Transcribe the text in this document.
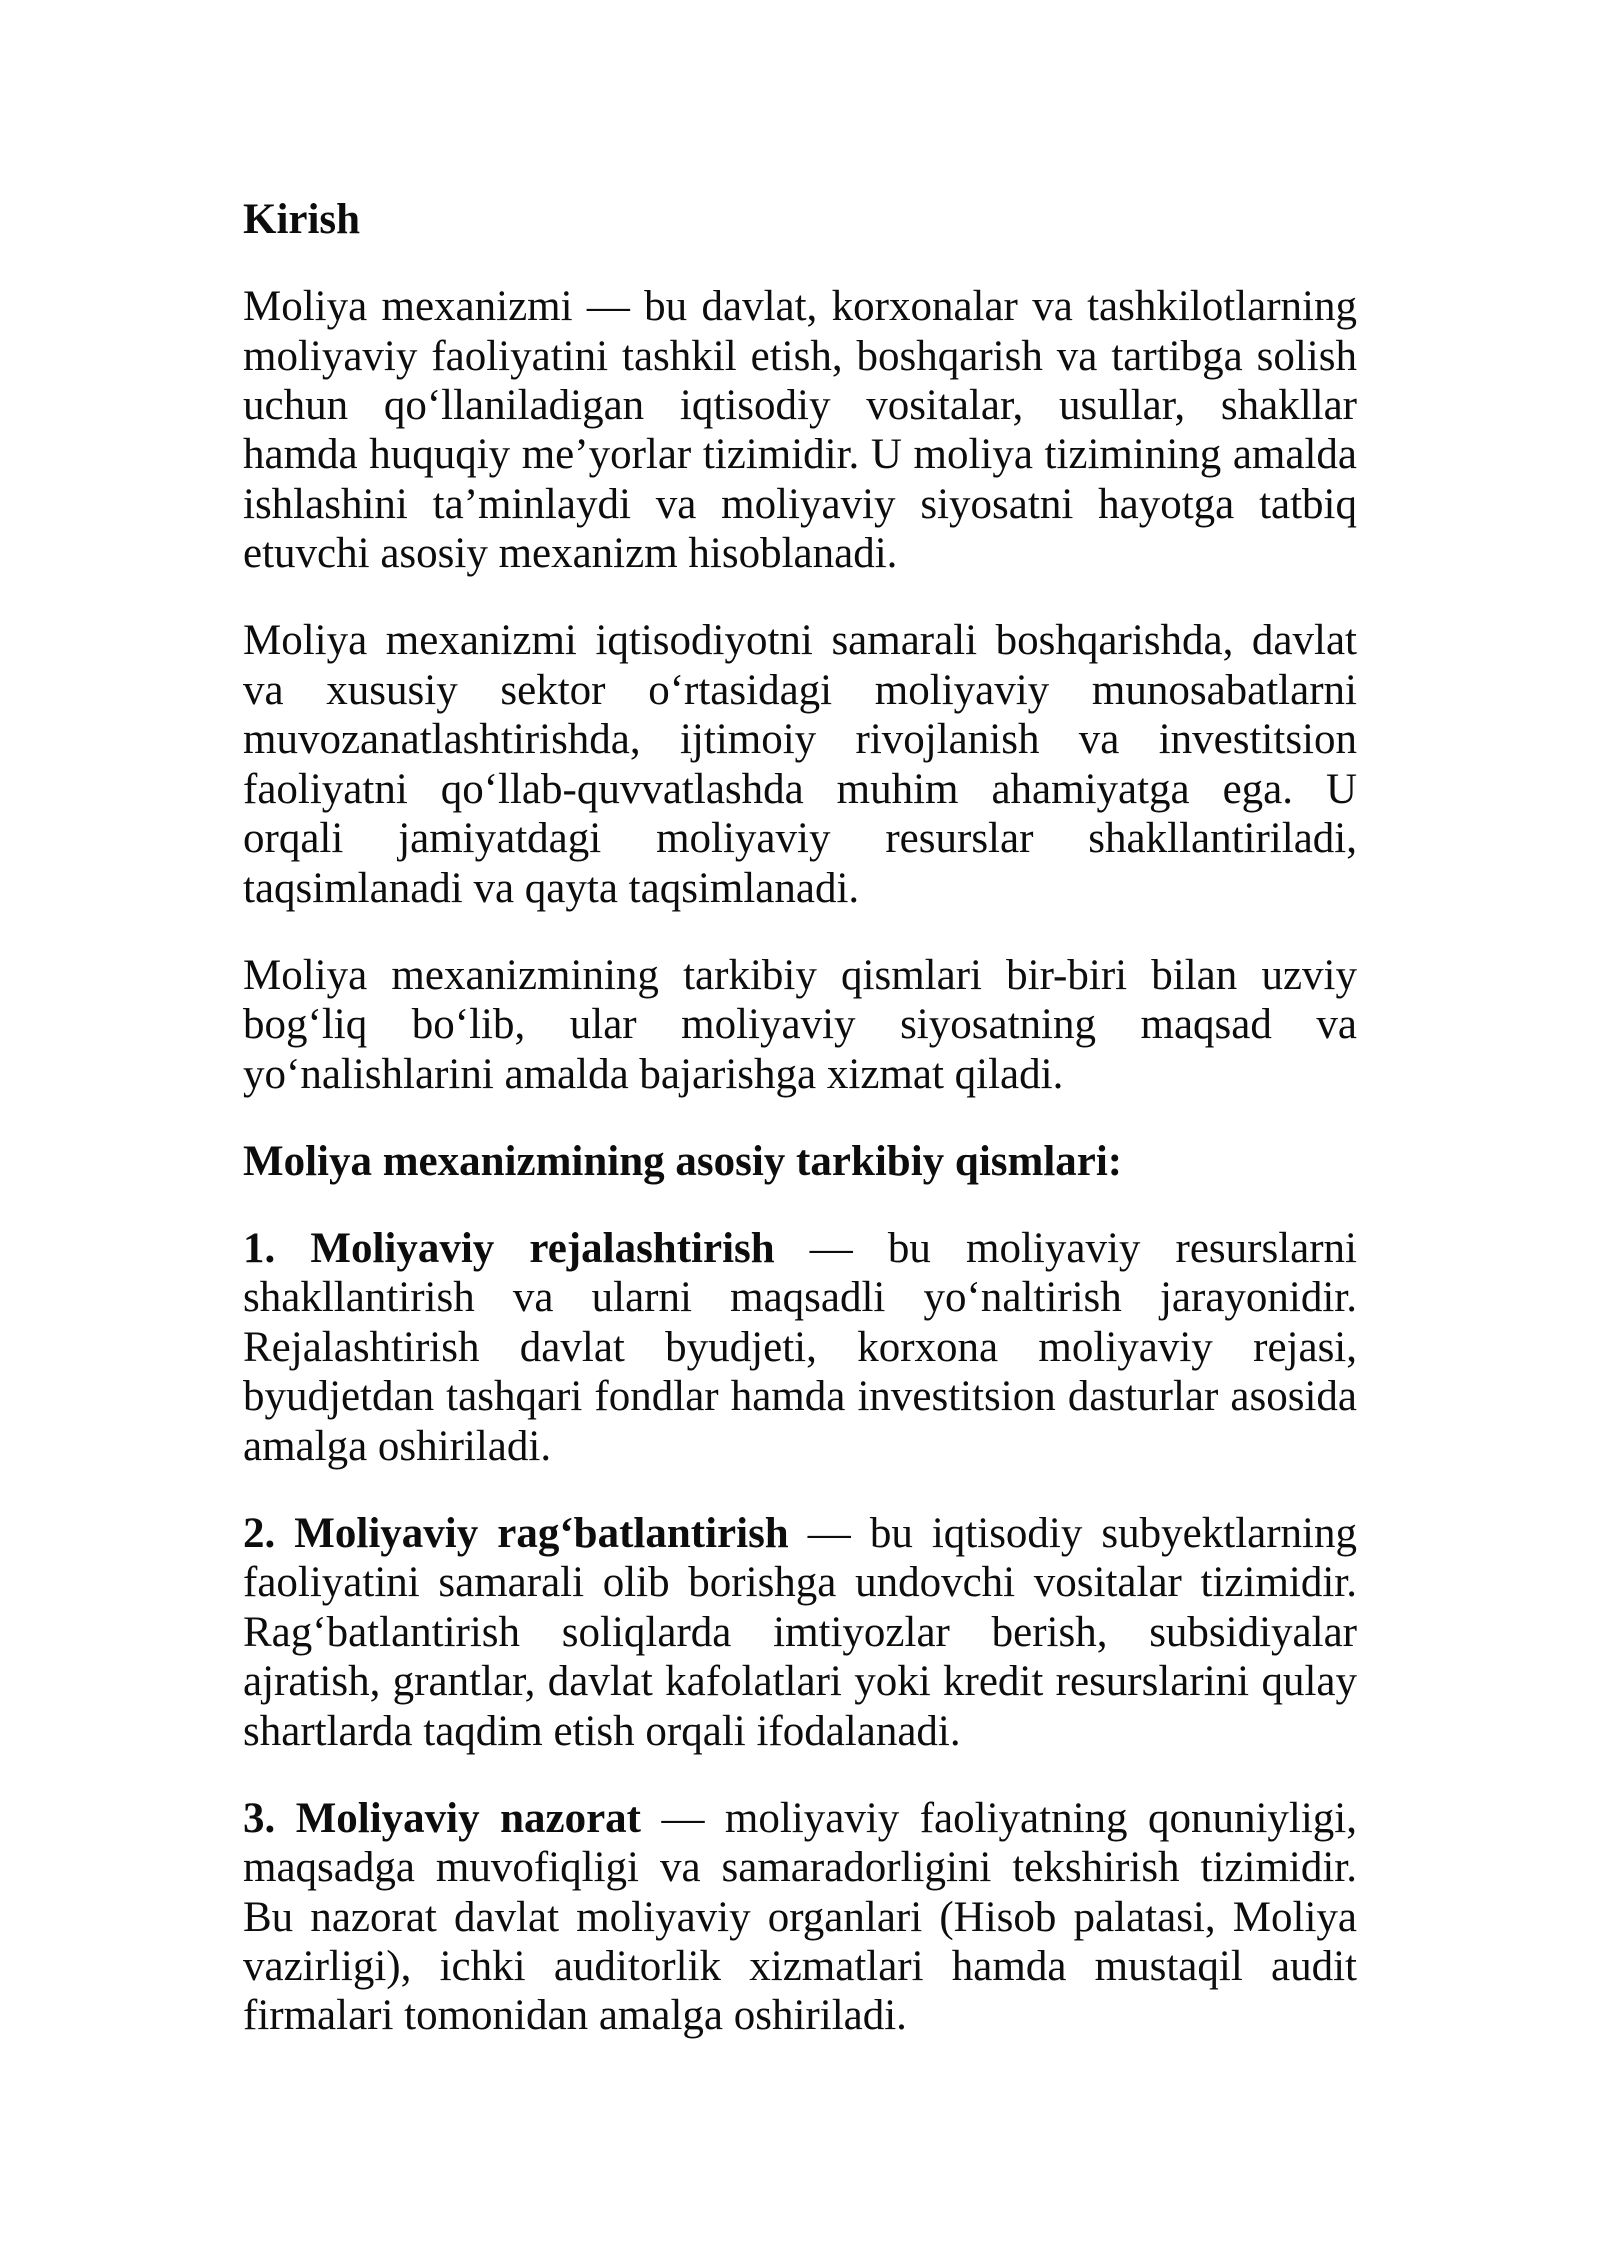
Kirish

Moliya mexanizmi — bu davlat, korxonalar va tashkilotlarning moliyaviy faoliyatini tashkil etish, boshqarish va tartibga solish uchun qo‘llaniladigan iqtisodiy vositalar, usullar, shakllar hamda huquqiy me’yorlar tizimidir. U moliya tizimining amalda ishlashini ta’minlaydi va moliyaviy siyosatni hayotga tatbiq etuvchi asosiy mexanizm hisoblanadi.

Moliya mexanizmi iqtisodiyotni samarali boshqarishda, davlat va xususiy sektor o‘rtasidagi moliyaviy munosabatlarni muvozanatlashtirishda, ijtimoiy rivojlanish va investitsion faoliyatni qo‘llab-quvvatlashda muhim ahamiyatga ega. U orqali jamiyatdagi moliyaviy resurslar shakllantiriladi, taqsimlanadi va qayta taqsimlanadi.

Moliya mexanizmining tarkibiy qismlari bir-biri bilan uzviy bog‘liq bo‘lib, ular moliyaviy siyosatning maqsad va yo‘nalishlarini amalda bajarishga xizmat qiladi.

Moliya mexanizmining asosiy tarkibiy qismlari:

1. Moliyaviy rejalashtirish — bu moliyaviy resurslarni shakllantirish va ularni maqsadli yo‘naltirish jarayonidir. Rejalashtirish davlat byudjeti, korxona moliyaviy rejasi, byudjetdan tashqari fondlar hamda investitsion dasturlar asosida amalga oshiriladi.

2. Moliyaviy rag‘batlantirish — bu iqtisodiy subyektlarning faoliyatini samarali olib borishga undovchi vositalar tizimidir. Rag‘batlantirish soliqlarda imtiyozlar berish, subsidiyalar ajratish, grantlar, davlat kafolatlari yoki kredit resurslarini qulay shartlarda taqdim etish orqali ifodalanadi.

3. Moliyaviy nazorat — moliyaviy faoliyatning qonuniyligi, maqsadga muvofiqligi va samaradorligini tekshirish tizimidir. Bu nazorat davlat moliyaviy organlari (Hisob palatasi, Moliya vazirligi), ichki auditorlik xizmatlari hamda mustaqil audit firmalari tomonidan amalga oshiriladi.
